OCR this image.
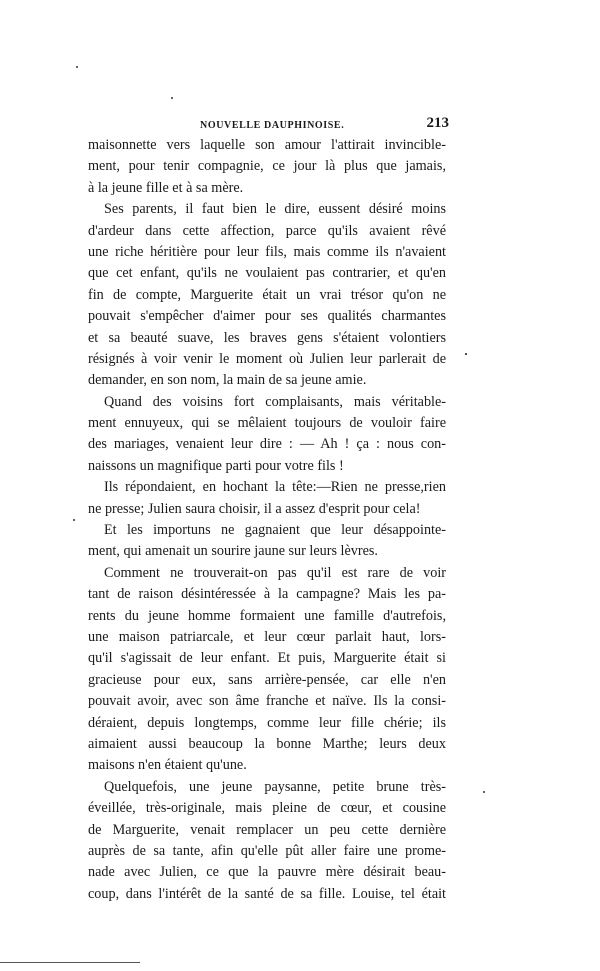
NOUVELLE DAUPHINOISE.	213
maisonnette vers laquelle son amour l'attirait invincible-
ment, pour tenir compagnie, ce jour là plus que jamais,
à la jeune fille et à sa mère.
Ses parents, il faut bien le dire, eussent désiré moins
d'ardeur dans cette affection, parce qu'ils avaient rêvé
une riche héritière pour leur fils, mais comme ils n'avaient
que cet enfant, qu'ils ne voulaient pas contrarier, et qu'en
fin de compte, Marguerite était un vrai trésor qu'on ne
pouvait s'empêcher d'aimer pour ses qualités charmantes
et sa beauté suave, les braves gens s'étaient volontiers
résignés à voir venir le moment où Julien leur parlerait de
demander, en son nom, la main de sa jeune amie.
Quand des voisins fort complaisants, mais véritable-
ment ennuyeux, qui se mêlaient toujours de vouloir faire
des mariages, venaient leur dire : — Ah ! ça : nous con-
naissons un magnifique parti pour votre fils !
Ils répondaient, en hochant la tête:—Rien ne presse,rien
ne presse; Julien saura choisir, il a assez d'esprit pour cela!
Et les importuns ne gagnaient que leur désappointe-
ment, qui amenait un sourire jaune sur leurs lèvres.
Comment ne trouverait-on pas qu'il est rare de voir
tant de raison désintéressée à la campagne? Mais les pa-
rents du jeune homme formaient une famille d'autrefois,
une maison patriarcale, et leur cœur parlait haut, lors-
qu'il s'agissait de leur enfant. Et puis, Marguerite était si
gracieuse pour eux, sans arrière-pensée, car elle n'en
pouvait avoir, avec son âme franche et naïve. Ils la consi-
déraient, depuis longtemps, comme leur fille chérie; ils
aimaient aussi beaucoup la bonne Marthe; leurs deux
maisons n'en étaient qu'une.
Quelquefois, une jeune paysanne, petite brune très-
éveillée, très-originale, mais pleine de cœur, et cousine
de Marguerite, venait remplacer un peu cette dernière
auprès de sa tante, afin qu'elle pût aller faire une prome-
nade avec Julien, ce que la pauvre mère désirait beau-
coup, dans l'intérêt de la santé de sa fille. Louise, tel était
